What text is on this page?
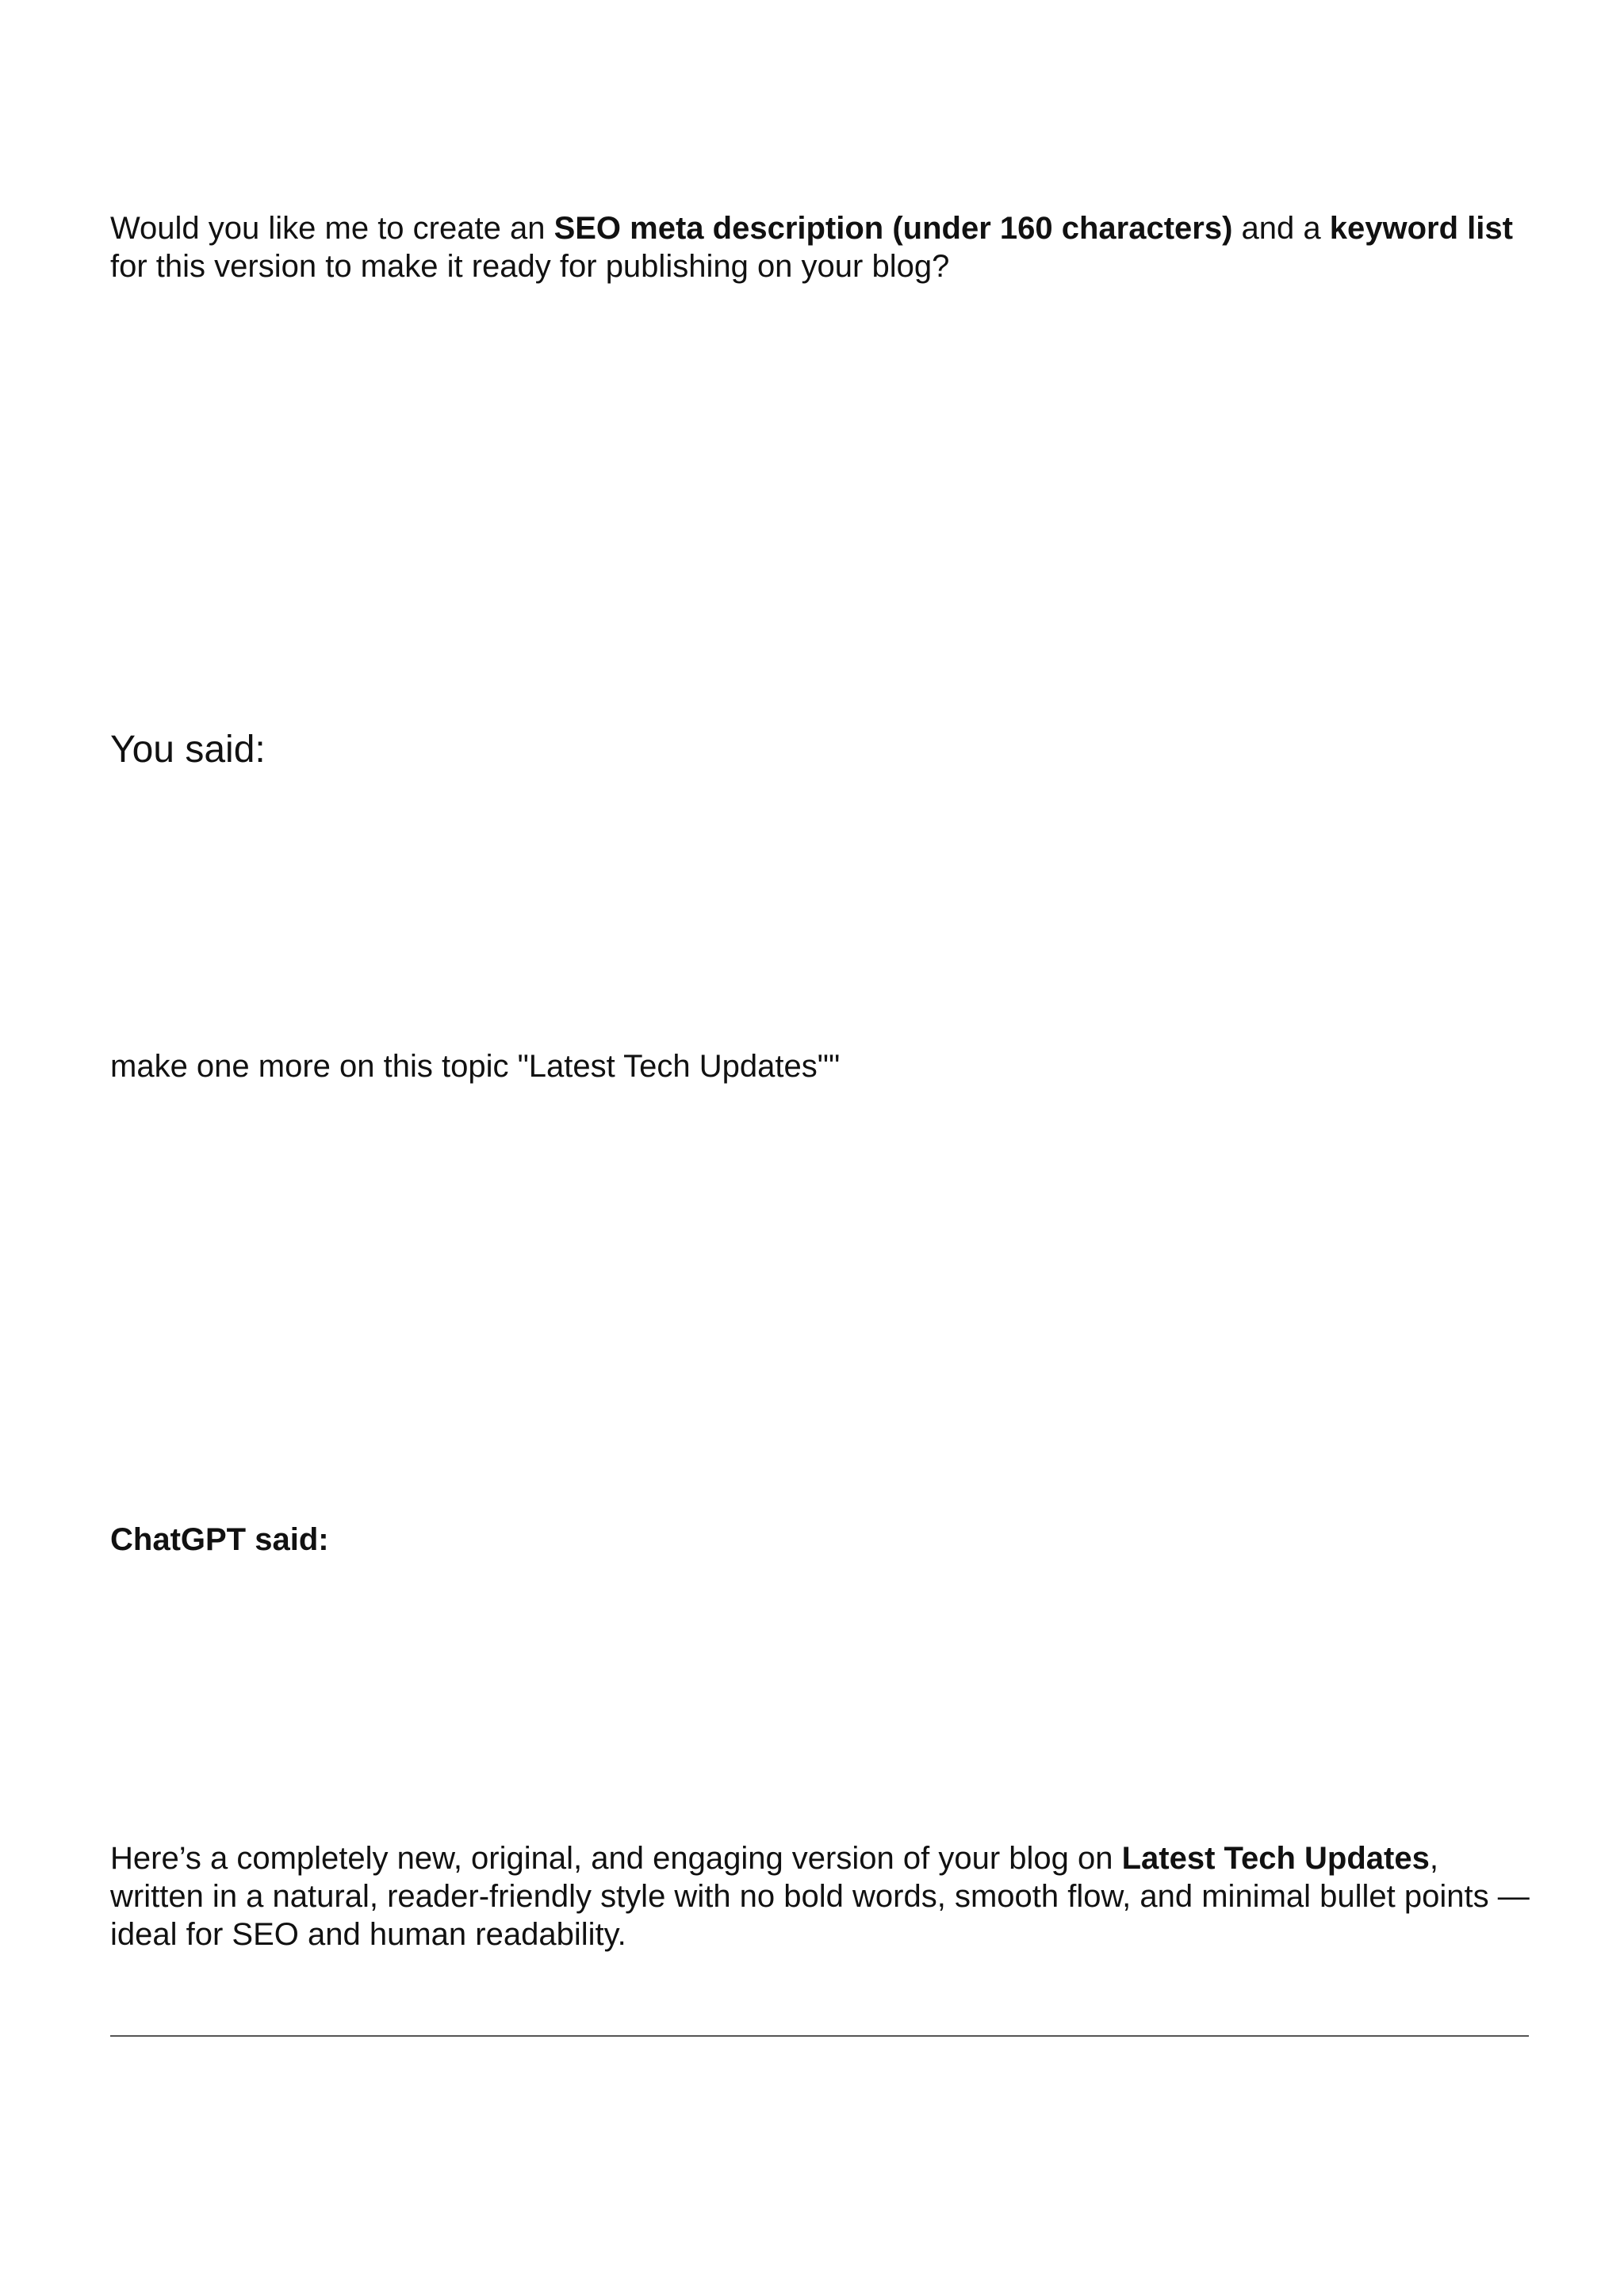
Would you like me to create an SEO meta description (under 160 characters) and a keyword list for this version to make it ready for publishing on your blog?

You said:

make one more on this topic "Latest Tech Updates""

ChatGPT said:

Here’s a completely new, original, and engaging version of your blog on Latest Tech Updates, written in a natural, reader-friendly style with no bold words, smooth flow, and minimal bullet points — ideal for SEO and human readability.
